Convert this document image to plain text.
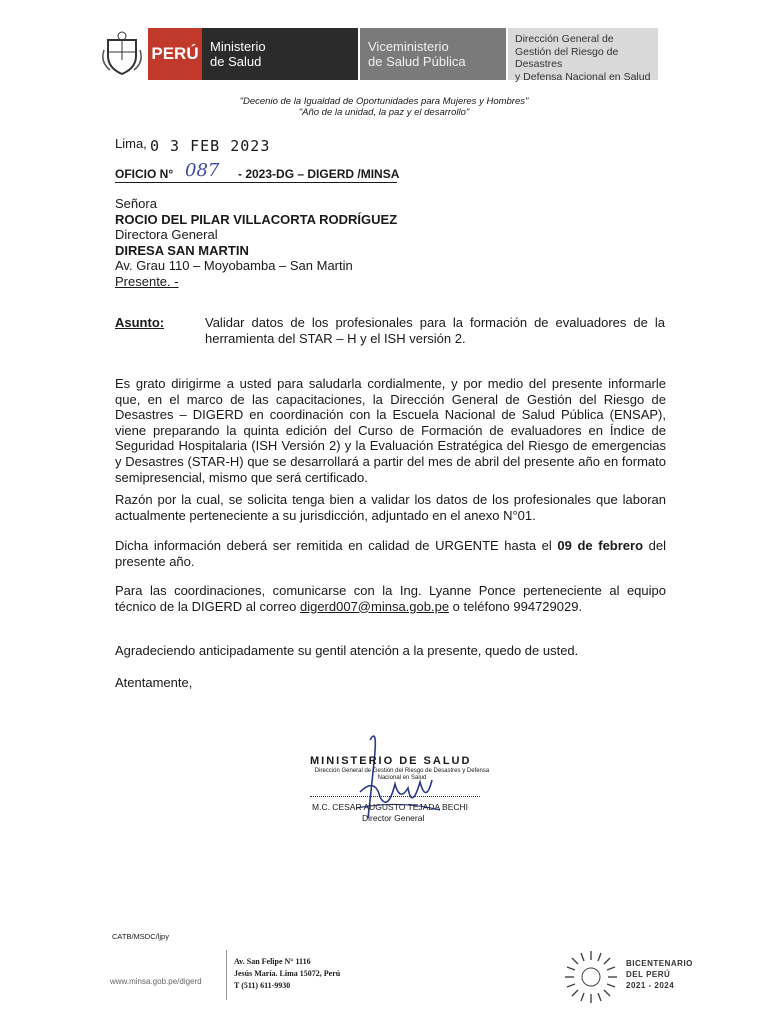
PERÚ Ministerio
de Salud
Viceministerio
de Salud Pública
Dirección General de
Gestión del Riesgo de Desastres
y Defensa Nacional en Salud
"Decenio de la Igualdad de Oportunidades para Mujeres y Hombres"
"Año de la unidad, la paz y el desarrollo"
Lima, 0 3 FEB 2023
OFICIO N° 087 - 2023-DG – DIGERD /MINSA
Señora
ROCIO DEL PILAR VILLACORTA RODRÍGUEZ
Directora General
DIRESA SAN MARTIN
Av. Grau 110 – Moyobamba – San Martin
Presente. -
Asunto:	Validar datos de los profesionales para la formación de evaluadores de la herramienta del STAR – H y el ISH versión 2.
Es grato dirigirme a usted para saludarla cordialmente, y por medio del presente informarle que, en el marco de las capacitaciones, la Dirección General de Gestión del Riesgo de Desastres – DIGERD en coordinación con la Escuela Nacional de Salud Pública (ENSAP), viene preparando la quinta edición del Curso de Formación de evaluadores en Índice de Seguridad Hospitalaria (ISH Versión 2) y la Evaluación Estratégica del Riesgo de emergencias y Desastres (STAR-H) que se desarrollará a partir del mes de abril del presente año en formato semipresencial, mismo que será certificado.
Razón por la cual, se solicita tenga bien a validar los datos de los profesionales que laboran actualmente perteneciente a su jurisdicción, adjuntado en el anexo N°01.
Dicha información deberá ser remitida en calidad de URGENTE hasta el 09 de febrero del presente año.
Para las coordinaciones, comunicarse con la Ing. Lyanne Ponce perteneciente al equipo técnico de la DIGERD al correo digerd007@minsa.gob.pe o teléfono 994729029.
Agradeciendo anticipadamente su gentil atención a la presente, quedo de usted.
Atentamente,
MINISTERIO DE SALUD
Dirección General de Gestión del Riesgo de Desastres y Defensa Nacional en Salud
M.C. CESAR AUGUSTO TEJADA BECHI
Director General
CATB/MSDC/ljpy
www.minsa.gob.pe/digerd
Av. San Felipe N° 1116
Jesús María. Lima 15072, Perú
T (511) 611-9930
BICENTENARIO
DEL PERÚ
2021 - 2024
